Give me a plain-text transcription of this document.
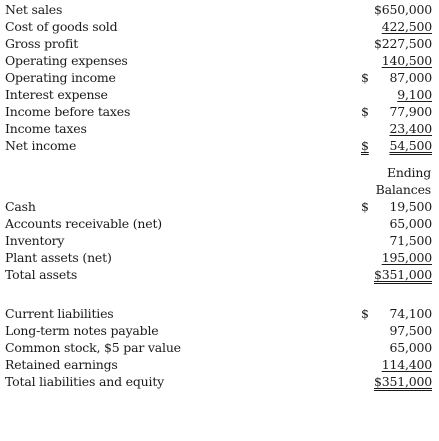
Net sales	$650,000
Cost of goods sold	422,500
Gross profit	$227,500
Operating expenses	140,500
Operating income	$ 87,000
Interest expense	9,100
Income before taxes	$ 77,900
Income taxes	23,400
Net income	$ 54,500
Ending
Balances
Cash	$ 19,500
Accounts receivable (net)	65,000
Inventory	71,500
Plant assets (net)	195,000
Total assets	$351,000
Current liabilities	$ 74,100
Long-term notes payable	97,500
Common stock, $5 par value	65,000
Retained earnings	114,400
Total liabilities and equity	$351,000
